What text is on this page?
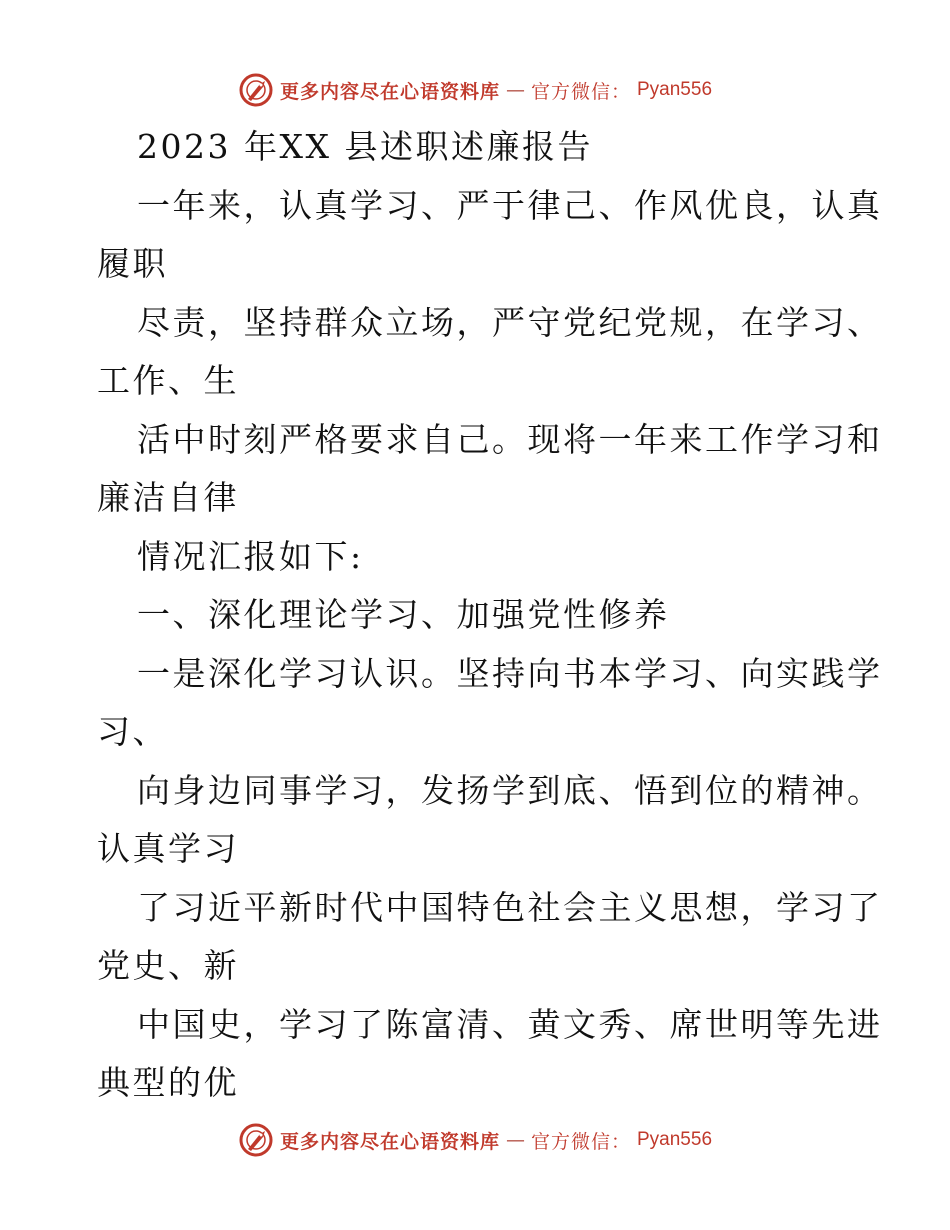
更多内容尽在心语资料库 — 官方微信： Pyan556
2023 年XX 县述职述廉报告
一年来，认真学习、严于律己、作风优良，认真
履职
尽责，坚持群众立场，严守党纪党规，在学习、
工作、生
活中时刻严格要求自己。现将一年来工作学习和
廉洁自律
情况汇报如下:
一、深化理论学习、加强党性修养
一是深化学习认识。坚持向书本学习、向实践学
习、
向身边同事学习，发扬学到底、悟到位的精神。
认真学习
了习近平新时代中国特色社会主义思想，学习了
党史、新
中国史，学习了陈富清、黄文秀、席世明等先进
典型的优
更多内容尽在心语资料库 — 官方微信： Pyan556
